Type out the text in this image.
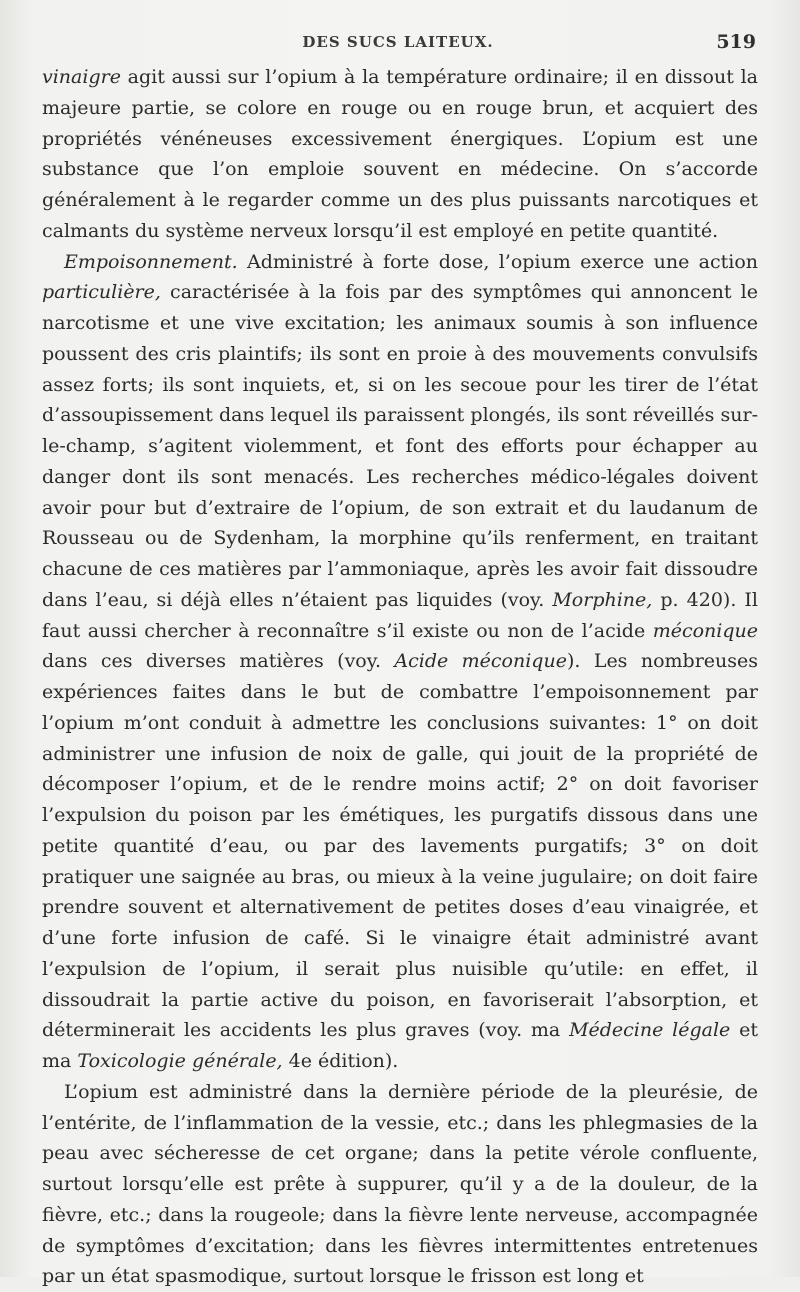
DES SUCS LAITEUX.	519

vinaigre agit aussi sur l’opium à la température ordinaire; il en dissout la majeure partie, se colore en rouge ou en rouge brun, et acquiert des propriétés vénéneuses excessivement énergiques. L’opium est une substance que l’on emploie souvent en médecine. On s’accorde généralement à le regarder comme un des plus puissants narcotiques et calmants du système nerveux lorsqu’il est employé en petite quantité.

Empoisonnement. Administré à forte dose, l’opium exerce une action particulière, caractérisée à la fois par des symptômes qui annoncent le narcotisme et une vive excitation; les animaux soumis à son influence poussent des cris plaintifs; ils sont en proie à des mouvements convulsifs assez forts; ils sont inquiets, et, si on les secoue pour les tirer de l’état d’assoupissement dans lequel ils paraissent plongés, ils sont réveillés sur-le-champ, s’agitent violemment, et font des efforts pour échapper au danger dont ils sont menacés. Les recherches médico-légales doivent avoir pour but d’extraire de l’opium, de son extrait et du laudanum de Rousseau ou de Sydenham, la morphine qu’ils renferment, en traitant chacune de ces matières par l’ammoniaque, après les avoir fait dissoudre dans l’eau, si déjà elles n’étaient pas liquides (voy. Morphine, p. 420). Il faut aussi chercher à reconnaître s’il existe ou non de l’acide méconique dans ces diverses matières (voy. Acide méconique). Les nombreuses expériences faites dans le but de combattre l’empoisonnement par l’opium m’ont conduit à admettre les conclusions suivantes: 1° on doit administrer une infusion de noix de galle, qui jouit de la propriété de décomposer l’opium, et de le rendre moins actif; 2° on doit favoriser l’expulsion du poison par les émétiques, les purgatifs dissous dans une petite quantité d’eau, ou par des lavements purgatifs; 3° on doit pratiquer une saignée au bras, ou mieux à la veine jugulaire; on doit faire prendre souvent et alternativement de petites doses d’eau vinaigrée, et d’une forte infusion de café. Si le vinaigre était administré avant l’expulsion de l’opium, il serait plus nuisible qu’utile: en effet, il dissoudrait la partie active du poison, en favoriserait l’absorption, et déterminerait les accidents les plus graves (voy. ma Médecine légale et ma Toxicologie générale, 4e édition).

L’opium est administré dans la dernière période de la pleurésie, de l’entérite, de l’inflammation de la vessie, etc.; dans les phlegmasies de la peau avec sécheresse de cet organe; dans la petite vérole confluente, surtout lorsqu’elle est prête à suppurer, qu’il y a de la douleur, de la fièvre, etc.; dans la rougeole; dans la fièvre lente nerveuse, accompagnée de symptômes d’excitation; dans les fièvres intermittentes entretenues par un état spasmodique, surtout lorsque le frisson est long et
